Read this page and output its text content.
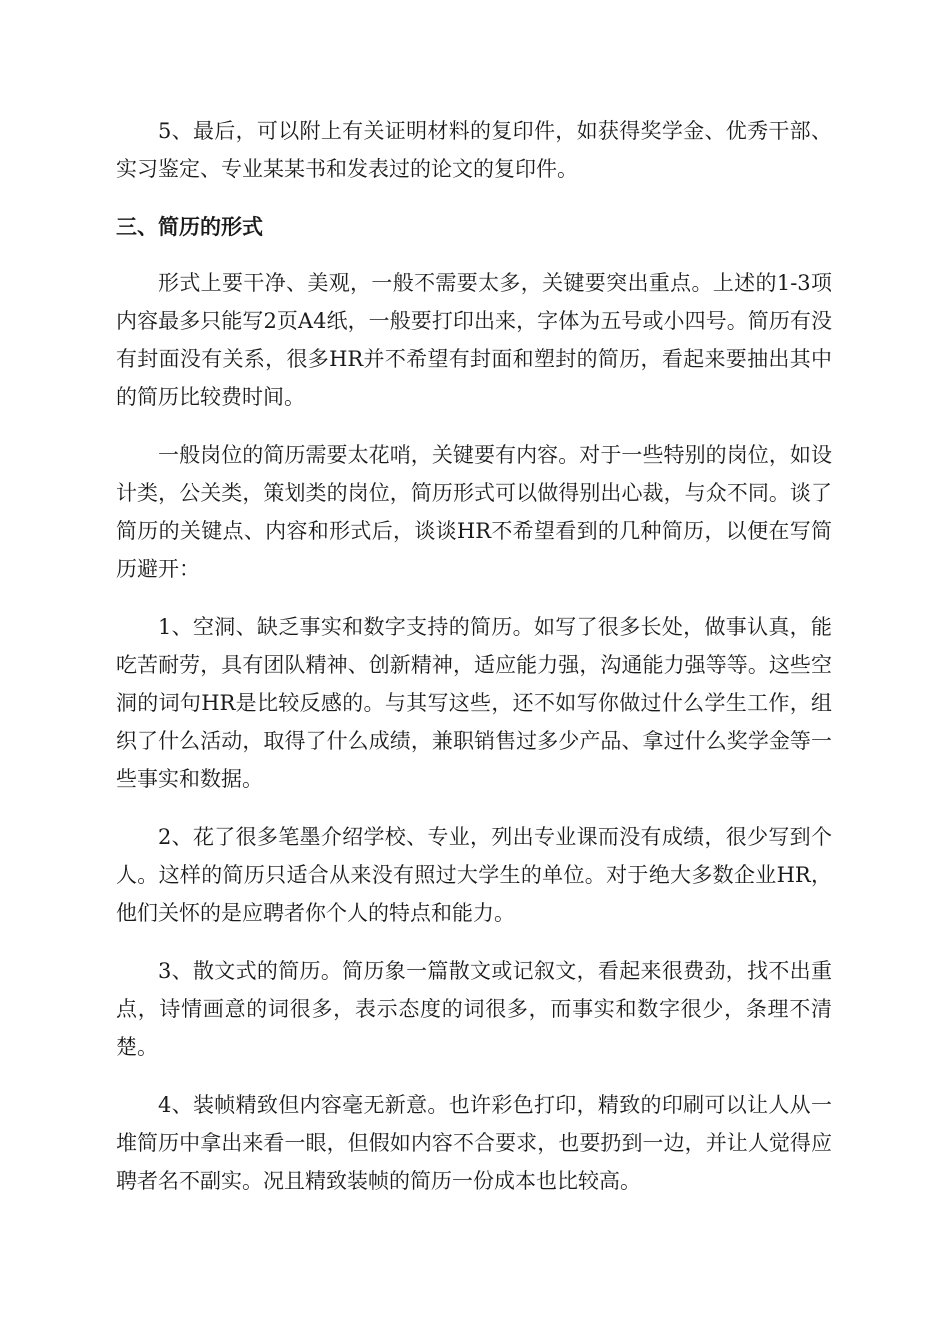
5、最后，可以附上有关证明材料的复印件，如获得奖学金、优秀干部、实习鉴定、专业某某书和发表过的论文的复印件。

三、简历的形式

形式上要干净、美观，一般不需要太多，关键要突出重点。上述的1-3项内容最多只能写2页A4纸，一般要打印出来，字体为五号或小四号。简历有没有封面没有关系，很多HR并不希望有封面和塑封的简历，看起来要抽出其中的简历比较费时间。

一般岗位的简历需要太花哨，关键要有内容。对于一些特别的岗位，如设计类，公关类，策划类的岗位，简历形式可以做得别出心裁，与众不同。谈了简历的关键点、内容和形式后，谈谈HR不希望看到的几种简历，以便在写简历避开：

1、空洞、缺乏事实和数字支持的简历。如写了很多长处，做事认真，能吃苦耐劳，具有团队精神、创新精神，适应能力强，沟通能力强等等。这些空洞的词句HR是比较反感的。与其写这些，还不如写你做过什么学生工作，组织了什么活动，取得了什么成绩，兼职销售过多少产品、拿过什么奖学金等一些事实和数据。

2、花了很多笔墨介绍学校、专业，列出专业课而没有成绩，很少写到个人。这样的简历只适合从来没有照过大学生的单位。对于绝大多数企业HR，他们关怀的是应聘者你个人的特点和能力。

3、散文式的简历。简历象一篇散文或记叙文，看起来很费劲，找不出重点，诗情画意的词很多，表示态度的词很多，而事实和数字很少，条理不清楚。

4、装帧精致但内容毫无新意。也许彩色打印，精致的印刷可以让人从一堆简历中拿出来看一眼，但假如内容不合要求，也要扔到一边，并让人觉得应聘者名不副实。况且精致装帧的简历一份成本也比较高。
